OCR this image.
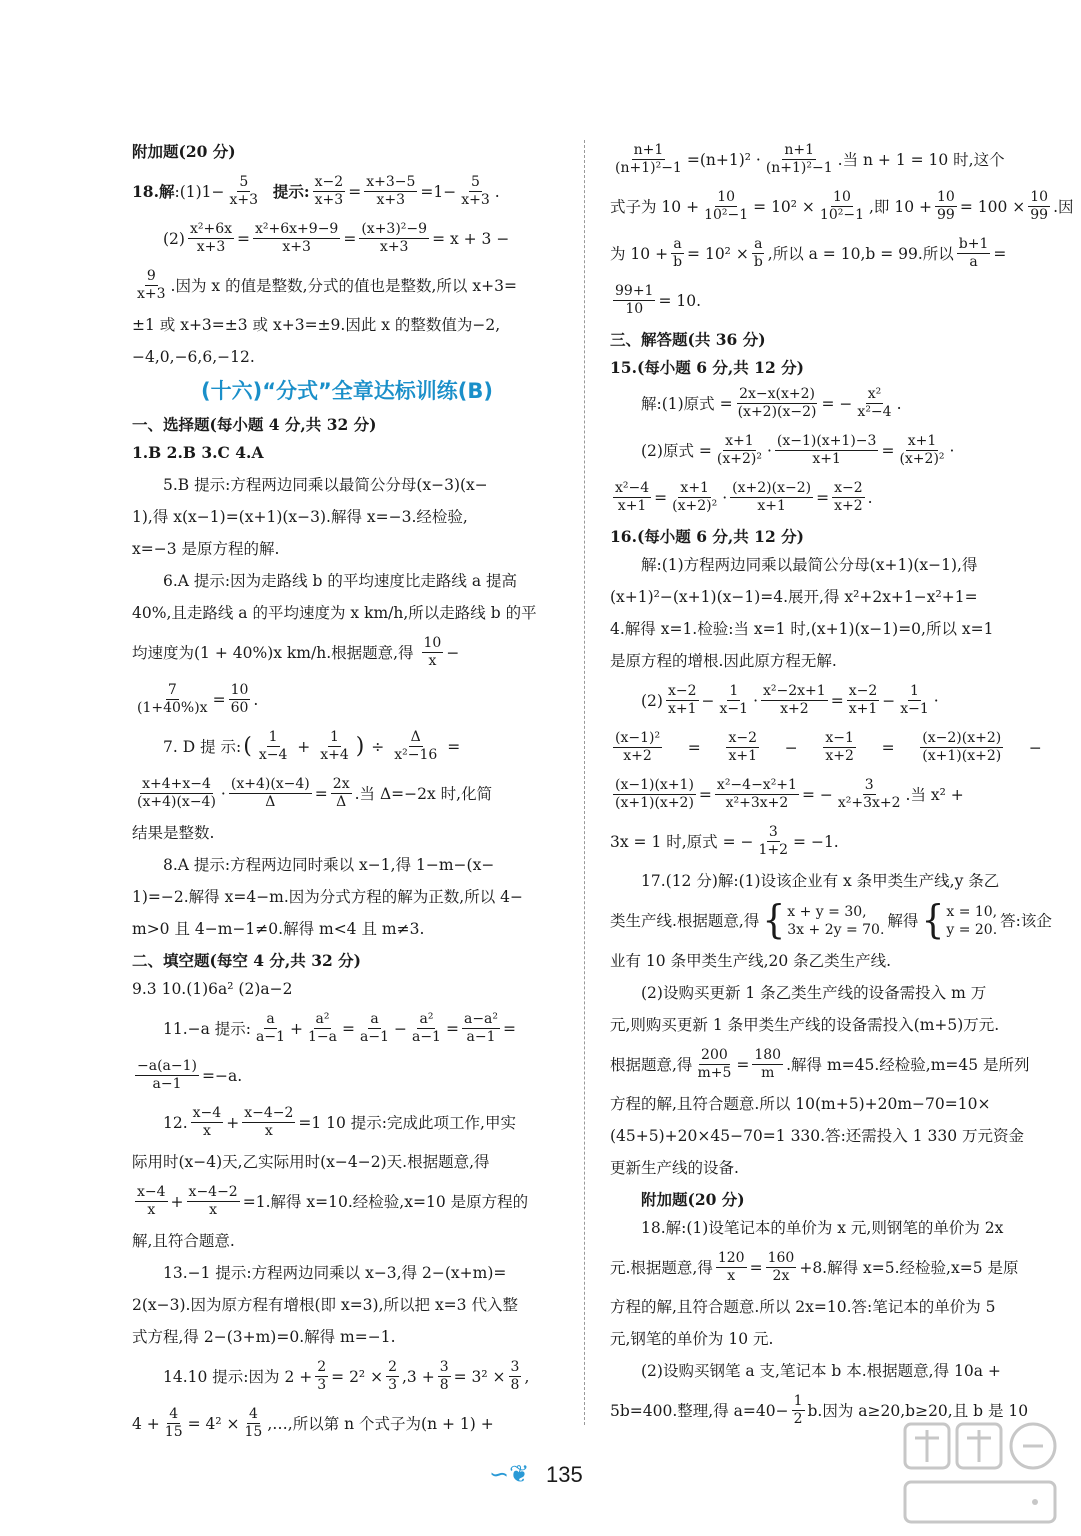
附加题(20 分)
18.解 :(1)1− $\frac{5}{x+3}$
提示: $\frac{x-2}{x+3} = \frac{x+3-5}{x+3} =1- \frac{5}{x+3}$ .
$(2) \frac{\text{x²+6x}}{x+3} = \frac{\text{x²+6x+9−9}}{x+3} = \frac{\text{(x+3)²−9}}{x+3} = x + 3$ −
$\frac{9}{x+3}$ .因为 x 的值是整数,分式的值也是整数,所以 x+3=
±1 或 x+3=±3 或 x+3=±9.因此 x 的整数值为−2,
−4,0,−6,6,−12.
(十六)“分式”全章达标训练(B)
一、选择题(每小题 4 分,共 32 分)
1.B 2.B 3.C 4.A
5.B 提示:方程两边同乘以最简公分母(x−3)(x−
1),得 x(x−1)=(x+1)(x−3).解得 x=−3.经检验,
x=−3 是原方程的解.
6.A 提示:因为走路线 b 的平均速度比走路线 a 提高
40%,且走路线 a 的平均速度为 x km/h,所以走路线 b 的平
均速度为(1 + 40%)x km/h.根据题意,得
$\frac{10}{x}$ −
$\frac{7}{(1+40\%)x} = \frac{10}{60}$ .
7. D 提 示: ( $\frac{1}{x-4} + \frac{1}{x+4}$ ) ÷ $\frac{\Delta}{\text{x²−16}}$ =
$\frac{x+4+x-4}{(x+4)(x-4)} \cdot \frac{(x+4)(x-4)}{\Delta} = \frac{2x}{\Delta}$ .当 Δ=−2x 时,化简
结果是整数.
8.A 提示:方程两边同时乘以 x−1,得 1−m−(x−
1)=−2.解得 x=4−m.因为分式方程的解为正数,所以 4−
m>0 且 4−m−1≠0.解得 m<4 且 m≠3.
二、填空题(每空 4 分,共 32 分)
9.3 10.(1)6a² (2)a−2
11.−a 提示: $\frac{a}{a-1} + \frac{\text{a²}}{1-a} = \frac{a}{a-1} - \frac{\text{a²}}{a-1} = \frac{\text{a−a²}}{a-1}$ =
$\frac{-a(a-1)}{a-1} =-a$.
12. $\frac{x-4}{x} + \frac{x-4-2}{x} =1$ 10 提示:完成此项工作,甲实
际用时(x−4)天,乙实际用时(x−4−2)天.根据题意,得
$\frac{x-4}{x} + \frac{x-4-2}{x} =1$.解得 x=10.经检验,x=10 是原方程的
解,且符合题意.
13.−1 提示:方程两边同乘以 x−3,得 2−(x+m)=
2(x−3).因为原方程有增根(即 x=3),所以把 x=3 代入整
式方程,得 2−(3+m)=0.解得 m=−1.
14.10 提示:因为 $2 + \frac{2}{3} = 2^2 \times \frac{2}{3} ,3 + \frac{3}{8} = 3^2 \times \frac{3}{8}$ ,
$4 + \frac{4}{15} = 4^2 \times \frac{4}{15}$ ,…,所以第 n 个式子为(n + 1) +
$\frac{n+1}{\text{(n+1)²−1}} =(n+1)^2 \cdot \frac{n+1}{\text{(n+1)²−1}}$ .当 n + 1 = 10 时,这个
式子为 $10 + \frac{10}{\text{10²−1}} = 10^2 \times \frac{10}{\text{10²−1}}$ ,即 $10 + \frac{10}{99} = 100 \times \frac{10}{99}$ .因
为 $10 + \frac{a}{b} = 10^2 \times \frac{a}{b}$ ,所以 a = 10,b = 99.所以 $\frac{b+1}{a}$ =
$\frac{99+1}{10} = 10$.
三、解答题(共 36 分)
15.(每小题 6 分,共 12 分)
解:(1)原式 = $\frac{2x-x(x+2)}{(x+2)(x-2)}$ = − $\frac{\text{x²}}{\text{x²−4}}$ .
(2)原式 = $\frac{x+1}{\text{(x+2)²}} \cdot \frac{(x-1)(x+1)-3}{x+1} = \frac{x+1}{\text{(x+2)²}}$ ·
$\frac{\text{x²−4}}{x+1} = \frac{x+1}{\text{(x+2)²}} \cdot \frac{(x+2)(x-2)}{x+1} = \frac{x-2}{x+2}$ .
16.(每小题 6 分,共 12 分)
解:(1)方程两边同乘以最简公分母(x+1)(x−1),得
(x+1)²−(x+1)(x−1)=4.展开,得 x²+2x+1−x²+1=
4.解得 x=1.检验:当 x=1 时,(x+1)(x−1)=0,所以 x=1
是原方程的增根.因此原方程无解.
$(2) \frac{x-2}{x+1} - \frac{1}{x-1} \cdot \frac{\text{x²−2x+1}}{x+2} = \frac{x-2}{x+1} - \frac{1}{x-1}$ ·
$\frac{\text{(x−1)²}}{x+2} = \frac{x-2}{x+1} - \frac{x-1}{x+2} = \frac{(x-2)(x+2)}{(x+1)(x+2)}$ −
$\frac{(x-1)(x+1)}{(x+1)(x+2)} = \frac{\text{x²−4−x²+1}}{\text{x²+3x+2}}$ = − $\frac{3}{\text{x²+3x+2}}$ .当 x² +
3x = 1 时,原式 = − $\frac{3}{1+2} = -1$.
17.(12 分)解:(1)设该企业有 x 条甲类生产线,y 条乙
类生产线.根据题意,得 { x + y = 30,
3x + 2y = 70. 解得 { x = 10,
y = 20. 答:该企
业有 10 条甲类生产线,20 条乙类生产线.
(2)设购买更新 1 条乙类生产线的设备需投入 m 万
元,则购买更新 1 条甲类生产线的设备需投入(m+5)万元.
根据题意,得 $\frac{200}{m+5} = \frac{180}{m}$ .解得 m=45.经检验,m=45 是所列
方程的解,且符合题意.所以 10(m+5)+20m−70=10×
(45+5)+20×45−70=1 330.答:还需投入 1 330 万元资金
更新生产线的设备.
附加题(20 分)
18.解:(1)设笔记本的单价为 x 元,则钢笔的单价为 2x
元.根据题意,得 $\frac{120}{x} = \frac{160}{2x} +8$.解得 x=5.经检验,x=5 是原
方程的解,且符合题意.所以 2x=10.答:笔记本的单价为 5
元,钢笔的单价为 10 元.
(2)设购买钢笔 a 支,笔记本 b 本.根据题意,得 10a +
5b=400.整理,得 $a=40- \frac{1}{2} b$.因为 a≥20,b≥20,且 b 是 10
∽❦ 135
